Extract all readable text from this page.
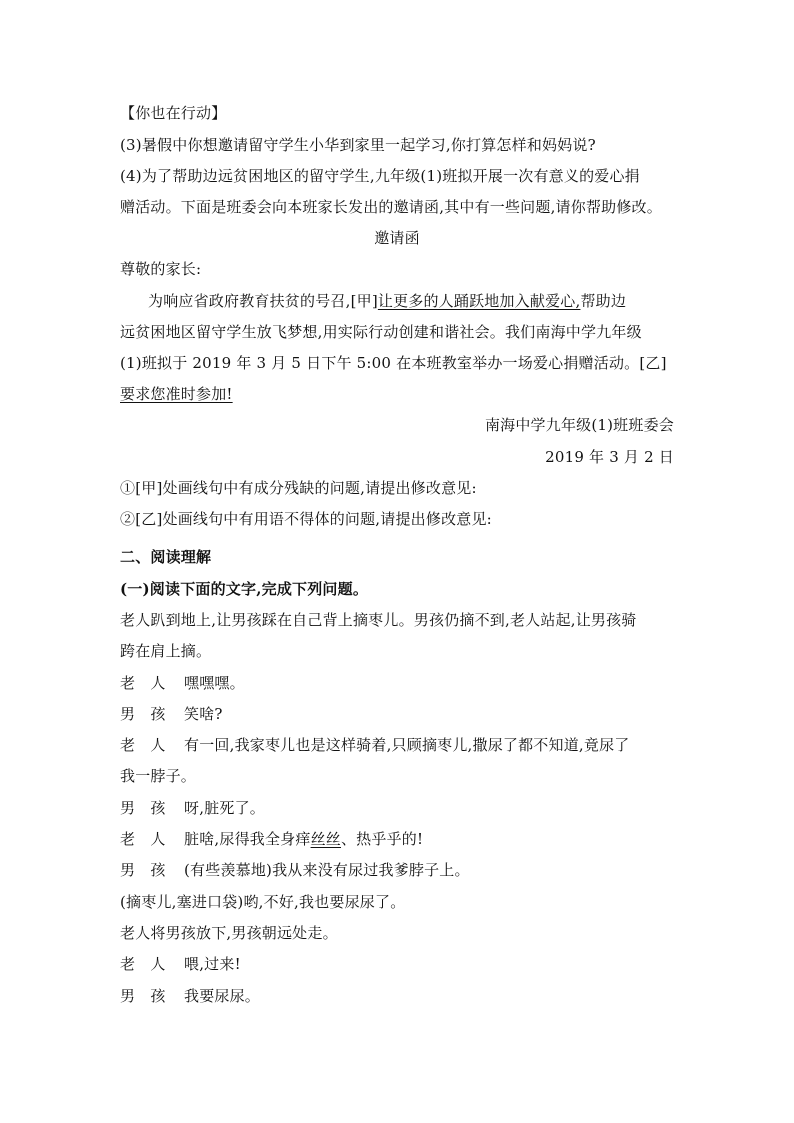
【你也在行动】
(3)暑假中你想邀请留守学生小华到家里一起学习,你打算怎样和妈妈说?
(4)为了帮助边远贫困地区的留守学生,九年级(1)班拟开展一次有意义的爱心捐
赠活动。下面是班委会向本班家长发出的邀请函,其中有一些问题,请你帮助修改。
邀请函
尊敬的家长:
为响应省政府教育扶贫的号召,[甲]让更多的人踊跃地加入献爱心,帮助边
远贫困地区留守学生放飞梦想,用实际行动创建和谐社会。我们南海中学九年级
(1)班拟于 2019 年 3 月 5 日下午 5:00 在本班教室举办一场爱心捐赠活动。[乙]
要求您准时参加!
南海中学九年级(1)班班委会
2019 年 3 月 2 日
①[甲]处画线句中有成分残缺的问题,请提出修改意见:
②[乙]处画线句中有用语不得体的问题,请提出修改意见:
二、阅读理解
(一)阅读下面的文字,完成下列问题。
老人趴到地上,让男孩踩在自己背上摘枣儿。男孩仍摘不到,老人站起,让男孩骑
跨在肩上摘。
老　人 嘿嘿嘿。
男　孩 笑啥?
老　人 有一回,我家枣儿也是这样骑着,只顾摘枣儿,撒尿了都不知道,竟尿了
我一脖子。
男　孩 呀,脏死了。
老　人 脏啥,尿得我全身痒丝丝、热乎乎的!
男　孩 (有些羡慕地)我从来没有尿过我爹脖子上。
(摘枣儿,塞进口袋)哟,不好,我也要尿尿了。
老人将男孩放下,男孩朝远处走。
老　人 喂,过来!
男　孩 我要尿尿。
